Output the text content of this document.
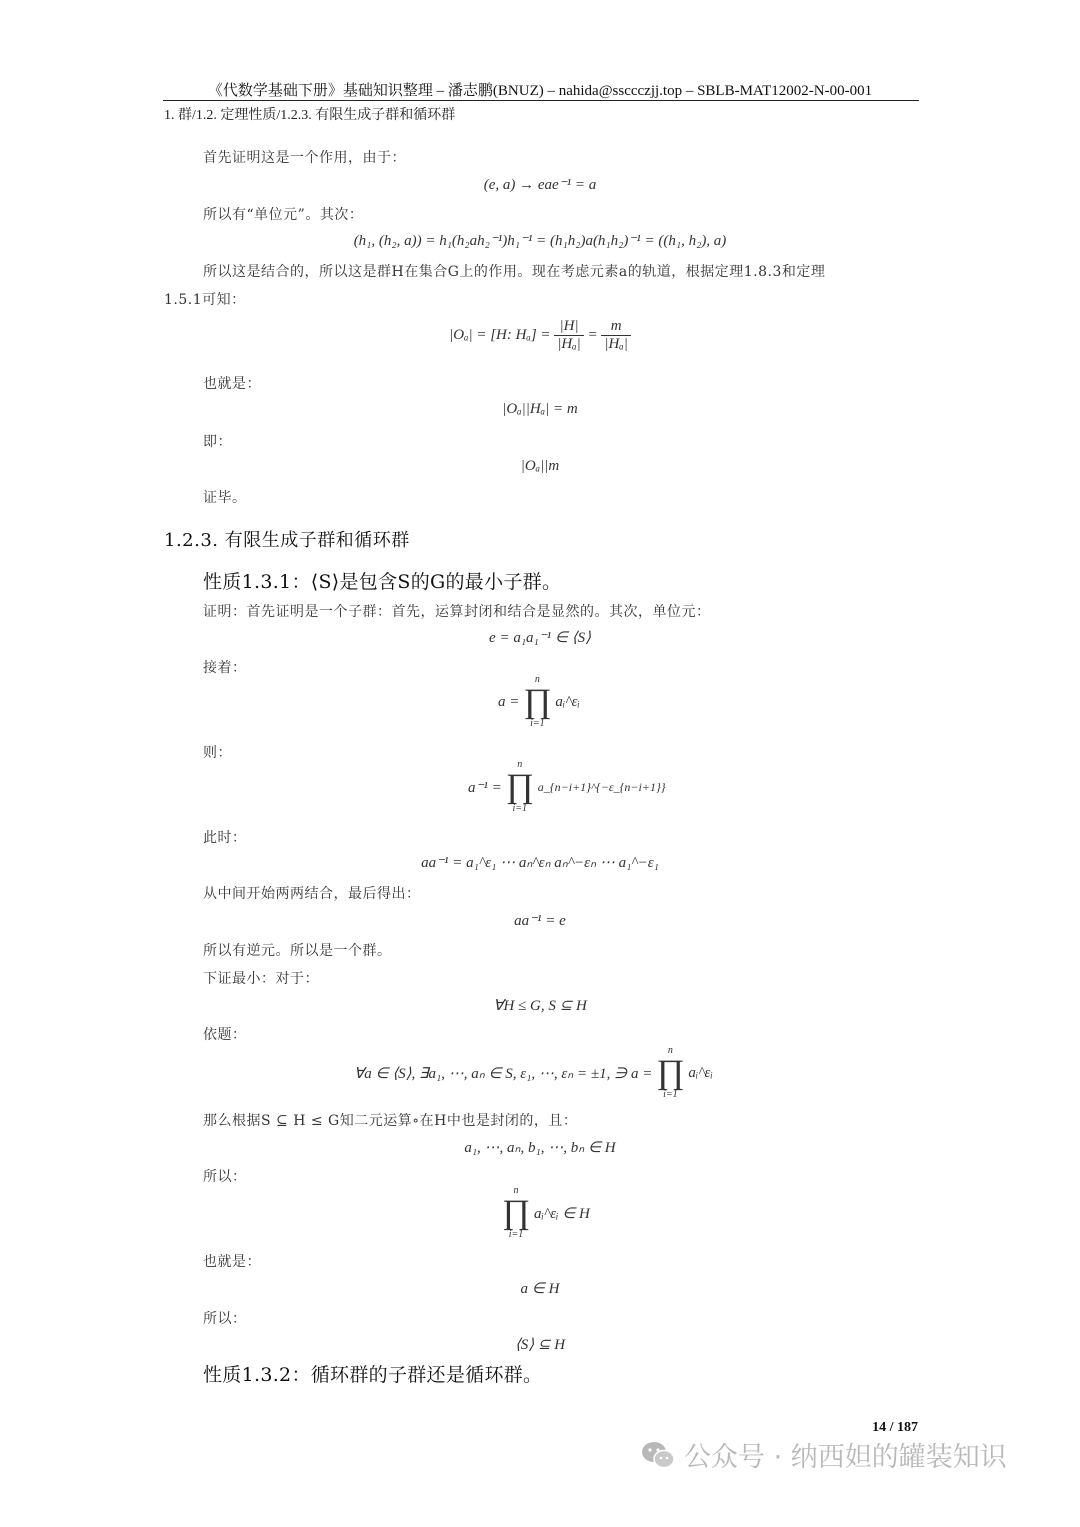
《代数学基础下册》基础知识整理 – 潘志鹏(BNUZ) – nahida@ssccczjj.top – SBLB-MAT12002-N-00-001
1. 群/1.2. 定理性质/1.2.3. 有限生成子群和循环群
首先证明这是一个作用，由于：
(e, a) → eae⁻¹ = a
所以有“单位元”。其次：
(h₁, (h₂, a)) = h₁(h₂ah₂⁻¹)h₁⁻¹ = (h₁h₂)a(h₁h₂)⁻¹ = ((h₁, h₂), a)
所以这是结合的，所以这是群H在集合G上的作用。现在考虑元素a的轨道，根据定理1.8.3和定理
1.5.1可知：
|Oₐ| = [H: $H_a] = \frac{|H|}{\text{|Hₐ|}} = \frac{m}{\text{|Hₐ|}}$
也就是：
|Oₐ||Hₐ| = m
即：
|Oₐ||m
证毕。
1.2.3. 有限生成子群和循环群
性质1.3.1：⟨S⟩是包含S的G的最小子群。
证明：首先证明是一个子群：首先，运算封闭和结合是显然的。其次，单位元：
e = a₁a₁⁻¹ ∈ ⟨S⟩
接着：
a =
n
∏
i=1
aᵢ^εᵢ
则：
a⁻¹ =
n
∏
i=1
a_{n−i+1}^{−ε_{n−i+1}}
此时：
aa⁻¹ = a₁^ε₁ ⋯ aₙ^εₙ aₙ^−εₙ ⋯ a₁^−ε₁
从中间开始两两结合，最后得出：
aa⁻¹ = e
所以有逆元。所以是一个群。
下证最小：对于：
∀H ≤ G, S ⊆ H
依题：
∀a ∈ ⟨S⟩, ∃a₁, ⋯, aₙ ∈ S, ε₁, ⋯, εₙ = ±1, ∋ a =
n
∏
i=1
aᵢ^εᵢ
那么根据S ⊆ H ≤ G知二元运算∘在H中也是封闭的，且：
a₁, ⋯, aₙ, b₁, ⋯, bₙ ∈ H
所以：
n
∏
i=1
aᵢ^εᵢ ∈ H
也就是：
a ∈ H
所以：
⟨S⟩ ⊆ H
性质1.3.2：循环群的子群还是循环群。
14 / 187
公众号 · 纳西妲的罐装知识
